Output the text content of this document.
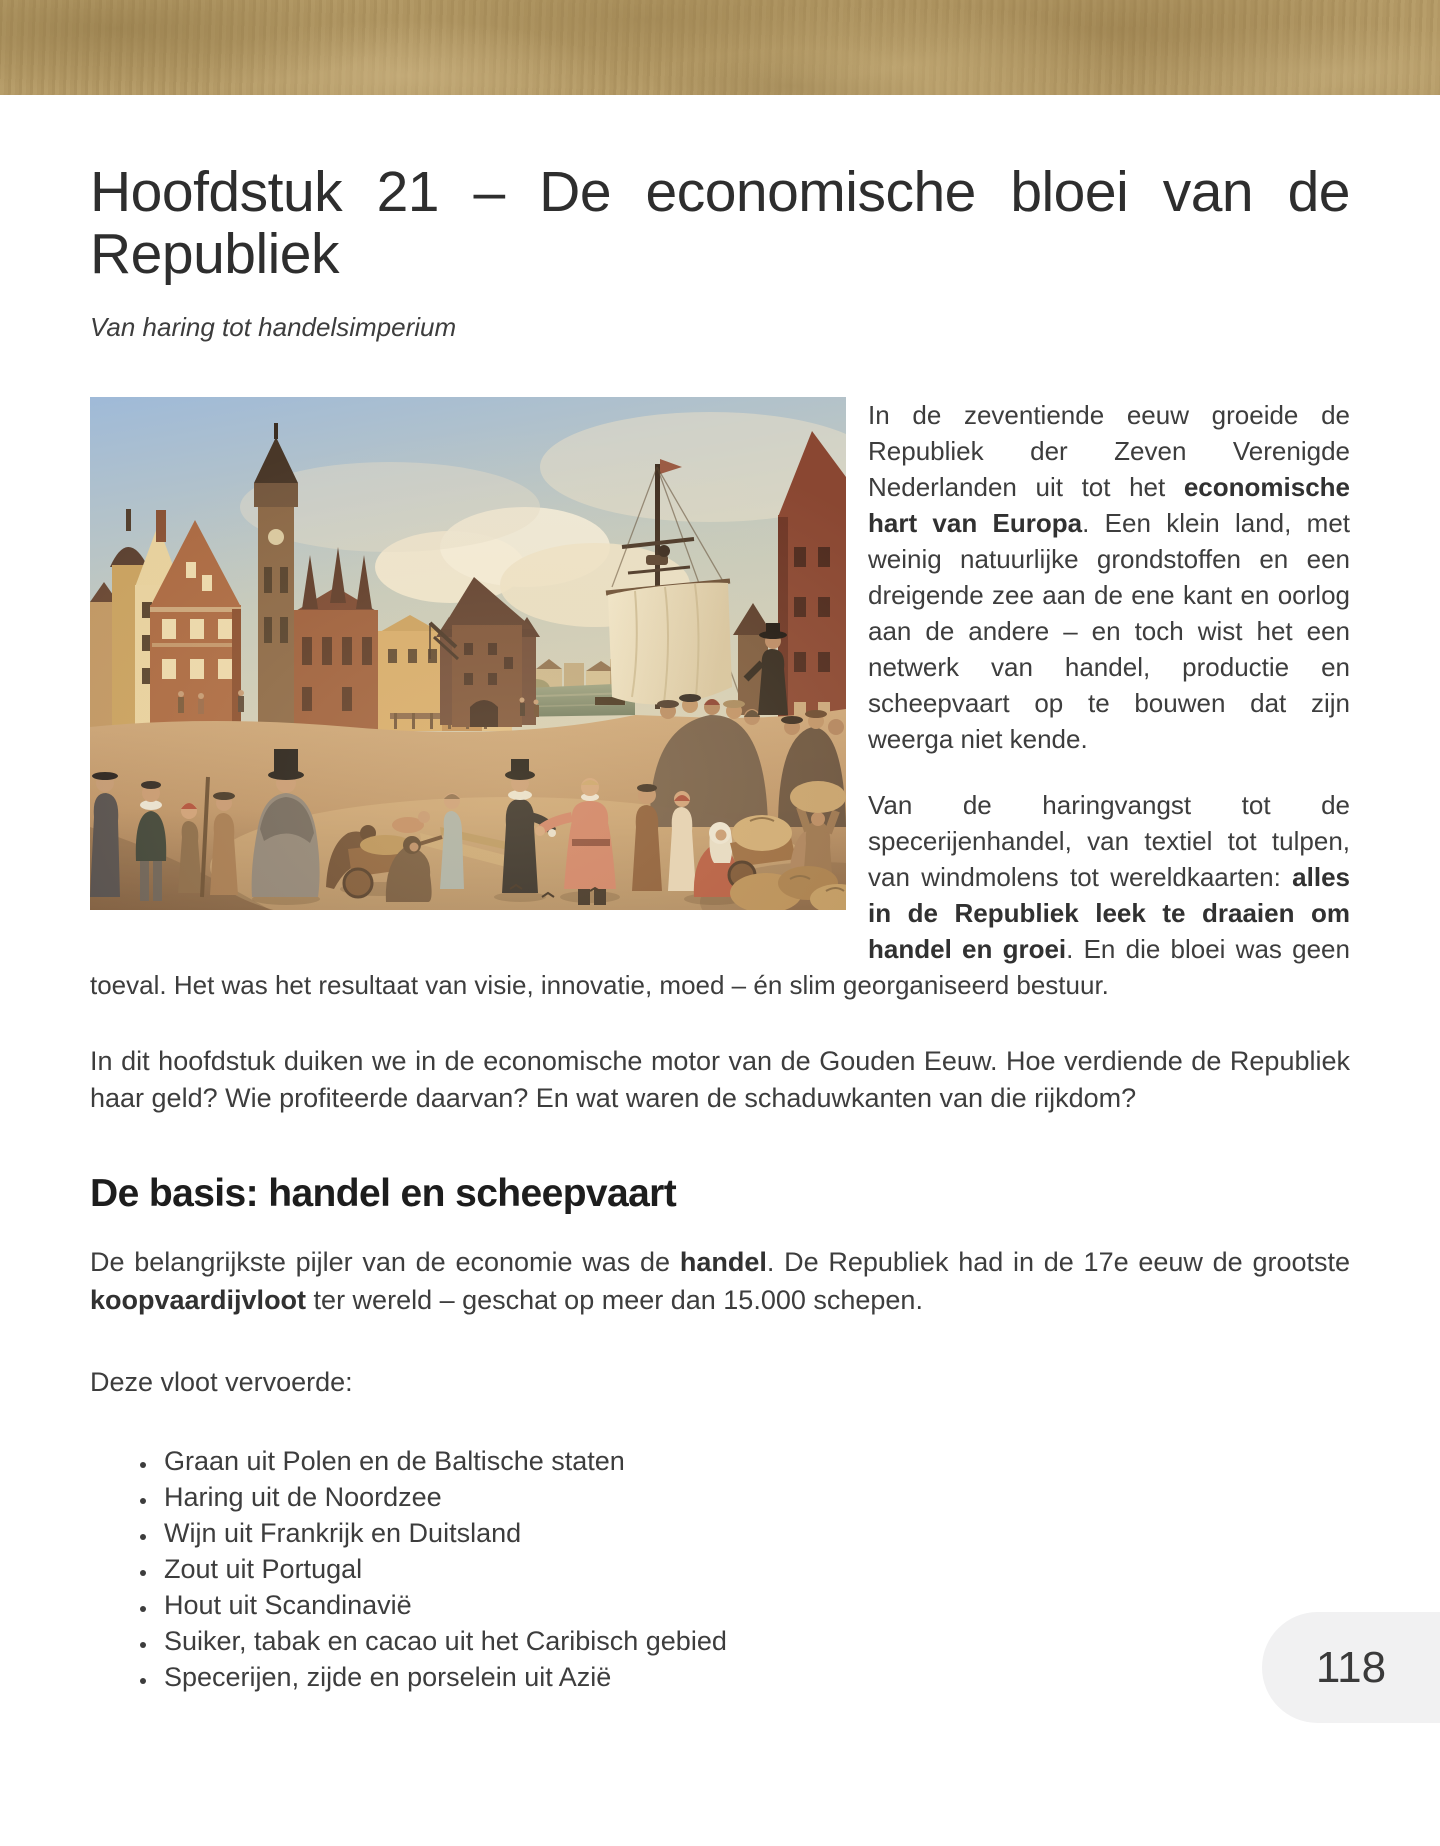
Hoofdstuk 21 – De economische bloei van de
Republiek
Van haring tot handelsimperium

In de zeventiende eeuw groeide de Republiek der Zeven Verenigde Nederlanden uit tot het economische hart van Europa. Een klein land, met weinig natuurlijke grondstoffen en een dreigende zee aan de ene kant en oorlog aan de andere – en toch wist het een netwerk van handel, productie en scheepvaart op te bouwen dat zijn weerga niet kende.

Van de haringvangst tot de specerijenhandel, van textiel tot tulpen, van windmolens tot wereldkaarten: alles in de Republiek leek te draaien om handel en groei. En die bloei was geen toeval. Het was het resultaat van visie, innovatie, moed – én slim georganiseerd bestuur.

In dit hoofdstuk duiken we in de economische motor van de Gouden Eeuw. Hoe verdiende de Republiek haar geld? Wie profiteerde daarvan? En wat waren de schaduwkanten van die rijkdom?

De basis: handel en scheepvaart

De belangrijkste pijler van de economie was de handel. De Republiek had in de 17e eeuw de grootste koopvaardijvloot ter wereld – geschat op meer dan 15.000 schepen.

Deze vloot vervoerde:

• Graan uit Polen en de Baltische staten
• Haring uit de Noordzee
• Wijn uit Frankrijk en Duitsland
• Zout uit Portugal
• Hout uit Scandinavië
• Suiker, tabak en cacao uit het Caribisch gebied
• Specerijen, zijde en porselein uit Azië	118
